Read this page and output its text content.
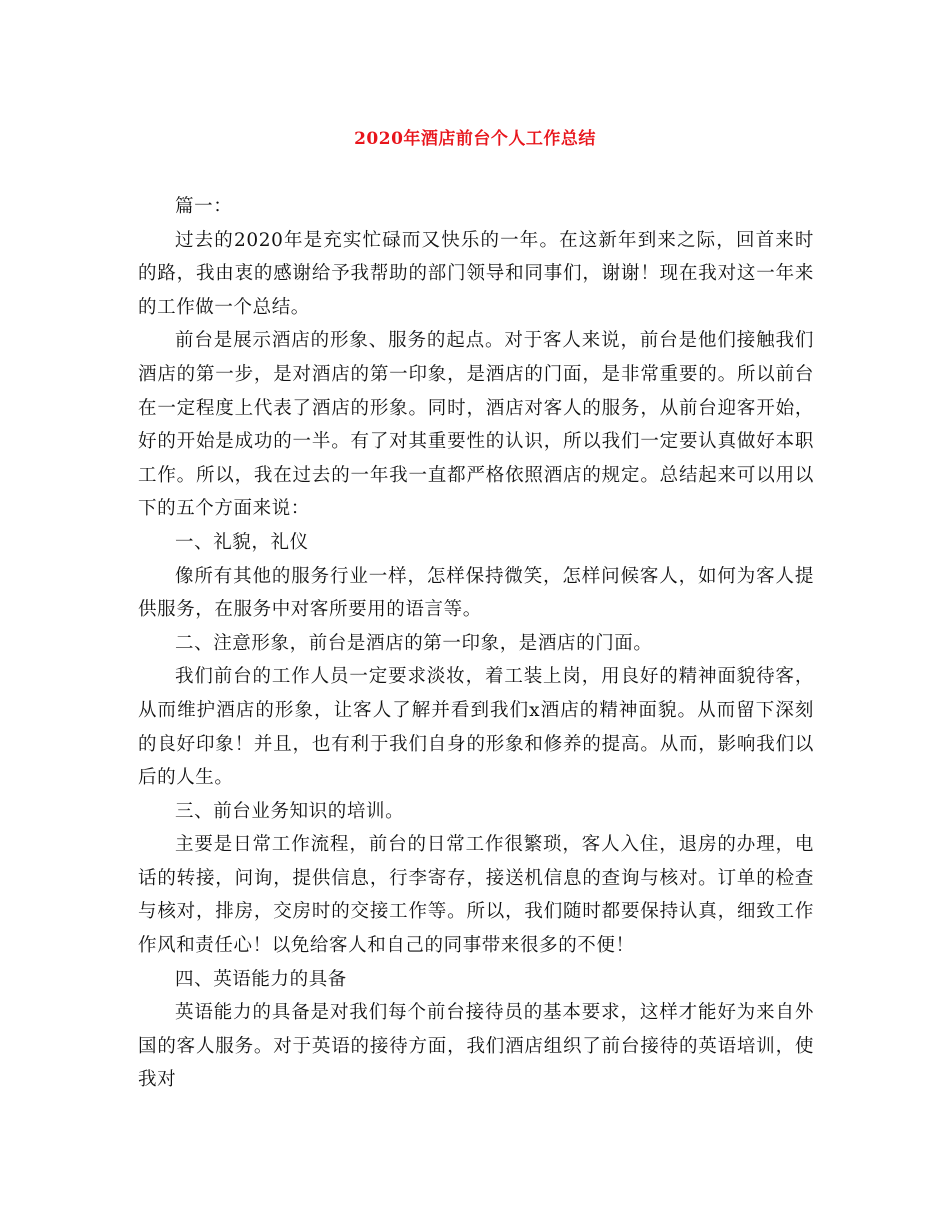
2020年酒店前台个人工作总结

篇一：

过去的2020年是充实忙碌而又快乐的一年。在这新年到来之际，回首来时的路，我由衷的感谢给予我帮助的部门领导和同事们，谢谢！现在我对这一年来的工作做一个总结。

前台是展示酒店的形象、服务的起点。对于客人来说，前台是他们接触我们酒店的第一步，是对酒店的第一印象，是酒店的门面，是非常重要的。所以前台在一定程度上代表了酒店的形象。同时，酒店对客人的服务，从前台迎客开始，好的开始是成功的一半。有了对其重要性的认识，所以我们一定要认真做好本职工作。所以，我在过去的一年我一直都严格依照酒店的规定。总结起来可以用以下的五个方面来说：

一、礼貌，礼仪

像所有其他的服务行业一样，怎样保持微笑，怎样问候客人，如何为客人提供服务，在服务中对客所要用的语言等。

二、注意形象，前台是酒店的第一印象，是酒店的门面。

我们前台的工作人员一定要求淡妆，着工装上岗，用良好的精神面貌待客，从而维护酒店的形象，让客人了解并看到我们x酒店的精神面貌。从而留下深刻的良好印象！并且，也有利于我们自身的形象和修养的提高。从而，影响我们以后的人生。

三、前台业务知识的培训。

主要是日常工作流程，前台的日常工作很繁琐，客人入住，退房的办理，电话的转接，问询，提供信息，行李寄存，接送机信息的查询与核对。订单的检查与核对，排房，交房时的交接工作等。所以，我们随时都要保持认真，细致工作作风和责任心！以免给客人和自己的同事带来很多的不便！

四、英语能力的具备

英语能力的具备是对我们每个前台接待员的基本要求，这样才能好为来自外国的客人服务。对于英语的接待方面，我们酒店组织了前台接待的英语培训，使我对
